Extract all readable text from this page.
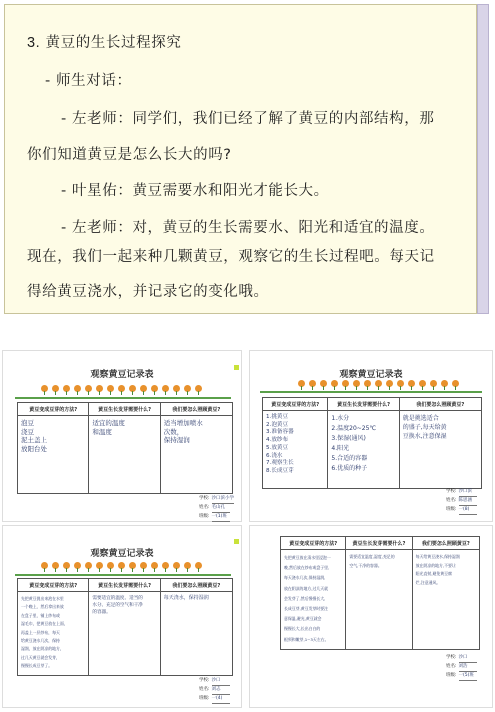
3. 黄豆的生长过程探究

- 师生对话：

- 左老师：同学们，我们已经了解了黄豆的内部结构，那

你们知道黄豆是怎么长大的吗?

- 叶星佑：黄豆需要水和阳光才能长大。

- 左老师：对，黄豆的生长需要水、阳光和适宜的温度。

现在，我们一起来种几颗黄豆，观察它的生长过程吧。每天记

得给黄豆浇水，并记录它的变化哦。

观察黄豆记录表
黄豆变成豆芽的方法?
泡豆
浇豆
泥土盖上
放阳台处
黄豆生长发芽需要什么?
适宜的温度
和温度
我们要怎么照顾黄豆?
适当增加喷水
次数，
保持湿润
学校: 沙口滨小学
姓名: 毛山孔
班级: 一(1)班
观察黄豆记录表
黄豆变成豆芽的方法?
1.挑黄豆
2.泡黄豆
3.准备容器
4.放纱布
5.放黄豆
6.浇水
7.观察生长
8.长成豆芽
黄豆生长发芽需要什么?
1.水分
2.温度20~25℃
3.保湿(通风)
4.阳光
5.合适的容器
6.优质的种子
我们要怎么照顾黄豆?
就是挑选适合
的盛子,每天给黄
豆换水,注意保湿
学校: 沙口滨
姓名: 陈思涵
班级: 一(8)
观察黄豆记录表
黄豆变成豆芽的方法?
先把黄豆挑出来泡在水里
一个晚上，然后拿出来放
在盘子里，铺上纱布或
湿毛巾，把黄豆放在上面，
再盖上一层纱布，每天
给黄豆浇水几次，保持
湿润，放在阴凉的地方，
过几天黄豆就会发芽，
慢慢长成豆芽了。
黄豆生长发芽需要什么?
需要适宜的温度、适当的
水分、充足的空气和干净
的容器。
我们要怎么照顾黄豆?
每天浇水，保持湿润
学校: 沙口
姓名: 刘志
班级: 一(4)
黄豆变成豆芽的方法?
先把黄豆放在清水里浸泡一
晚,然后放在纱布或盘子里,
每天浇水几次,保持湿润,
放在阴凉的地方,过几天就
会发芽了,然后慢慢长大,
长成豆芽,黄豆发芽时要注
意保温,避光,黄豆就会
慢慢长大,长出白白的
根须和嫩芽,1~3天左右。
黄豆生长发芽需要什么?
需要适宜温度,湿度,充足的
空气,干净的容器。
我们要怎么照顾黄豆?
每天给黄豆浇水,保持湿润
放在阴凉的地方,不要让
阳光直射,避免黄豆腐
烂,注意通风。
学校: 沙口
姓名: 刘浩
班级: 一(5)班
